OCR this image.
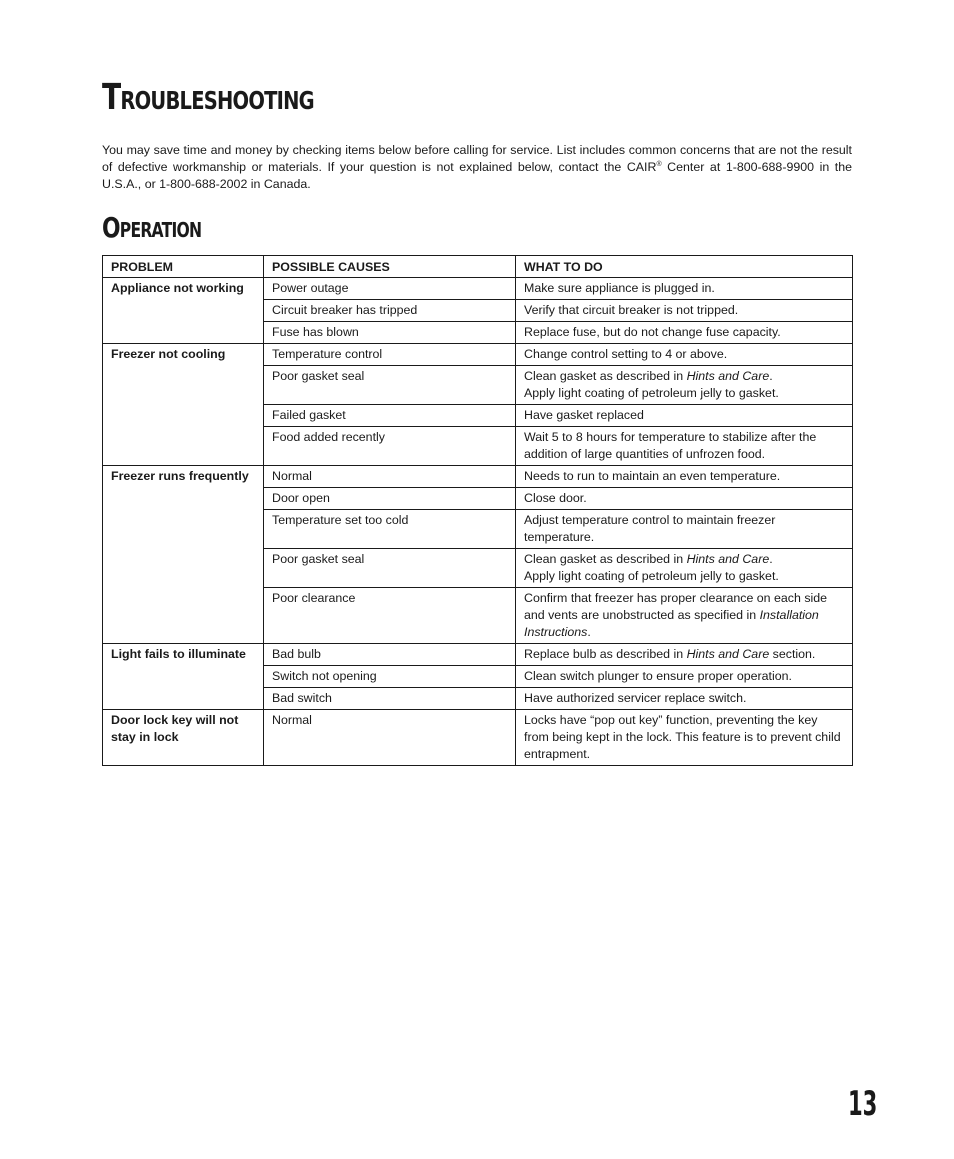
Troubleshooting

You may save time and money by checking items below before calling for service. List includes common concerns that are not the result of defective workmanship or materials. If your question is not explained below, contact the CAIR® Center at 1-800-688-9900 in the U.S.A., or 1-800-688-2002 in Canada.

Operation
PROBLEM	POSSIBLE CAUSES	WHAT TO DO
Appliance not working	Power outage	Make sure appliance is plugged in.
	Circuit breaker has tripped	Verify that circuit breaker is not tripped.
	Fuse has blown	Replace fuse, but do not change fuse capacity.
Freezer not cooling	Temperature control	Change control setting to 4 or above.
	Poor gasket seal	Clean gasket as described in Hints and Care.
Apply light coating of petroleum jelly to gasket.
	Failed gasket	Have gasket replaced
	Food added recently	Wait 5 to 8 hours for temperature to stabilize after the addition of large quantities of unfrozen food.
Freezer runs frequently	Normal	Needs to run to maintain an even temperature.
	Door open	Close door.
	Temperature set too cold	Adjust temperature control to maintain freezer temperature.
	Poor gasket seal	Clean gasket as described in Hints and Care.
Apply light coating of petroleum jelly to gasket.
	Poor clearance	Confirm that freezer has proper clearance on each side and vents are unobstructed as specified in Installation Instructions.
Light fails to illuminate	Bad bulb	Replace bulb as described in Hints and Care section.
	Switch not opening	Clean switch plunger to ensure proper operation.
	Bad switch	Have authorized servicer replace switch.
Door lock key will not stay in lock	Normal	Locks have “pop out key” function, preventing the key from being kept in the lock. This feature is to prevent child entrapment.
13
